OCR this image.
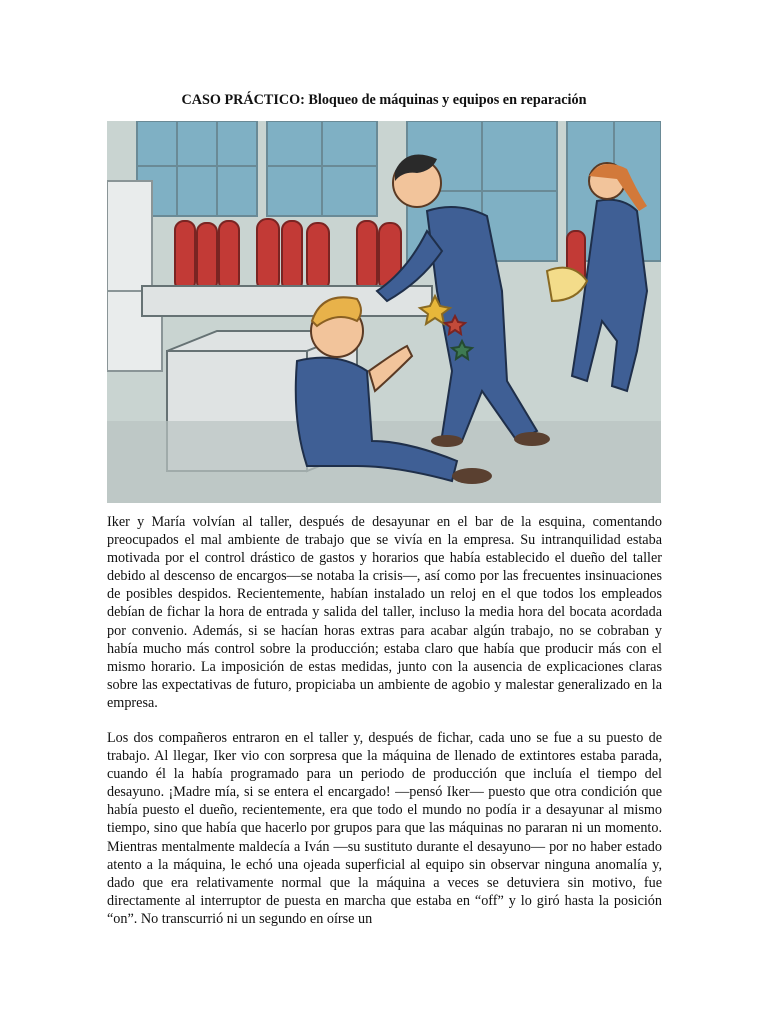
CASO PRÁCTICO: Bloqueo de máquinas y equipos en reparación

Iker y María volvían al taller, después de desayunar en el bar de la esquina, comentando preocupados el mal ambiente de trabajo que se vivía en la empresa. Su intranquilidad estaba motivada por el control drástico de gastos y horarios que había establecido el dueño del taller debido al descenso de encargos—se notaba la crisis—, así como por las frecuentes insinuaciones de posibles despidos. Recientemente, habían instalado un reloj en el que todos los empleados debían de fichar la hora de entrada y salida del taller, incluso la media hora del bocata acordada por convenio. Además, si se hacían horas extras para acabar algún trabajo, no se cobraban y había mucho más control sobre la producción; estaba claro que había que producir más con el mismo horario. La imposición de estas medidas, junto con la ausencia de explicaciones claras sobre las expectativas de futuro, propiciaba un ambiente de agobio y malestar generalizado en la empresa.

Los dos compañeros entraron en el taller y, después de fichar, cada uno se fue a su puesto de trabajo. Al llegar, Iker vio con sorpresa que la máquina de llenado de extintores estaba parada, cuando él la había programado para un periodo de producción que incluía el tiempo del desayuno. ¡Madre mía, si se entera el encargado! —pensó Iker— puesto que otra condición que había puesto el dueño, recientemente, era que todo el mundo no podía ir a desayunar al mismo tiempo, sino que había que hacerlo por grupos para que las máquinas no pararan ni un momento. Mientras mentalmente maldecía a Iván —su sustituto durante el desayuno— por no haber estado atento a la máquina, le echó una ojeada superficial al equipo sin observar ninguna anomalía y, dado que era relativamente normal que la máquina a veces se detuviera sin motivo, fue directamente al interruptor de puesta en marcha que estaba en “off” y lo giró hasta la posición “on”. No transcurrió ni un segundo en oírse un
